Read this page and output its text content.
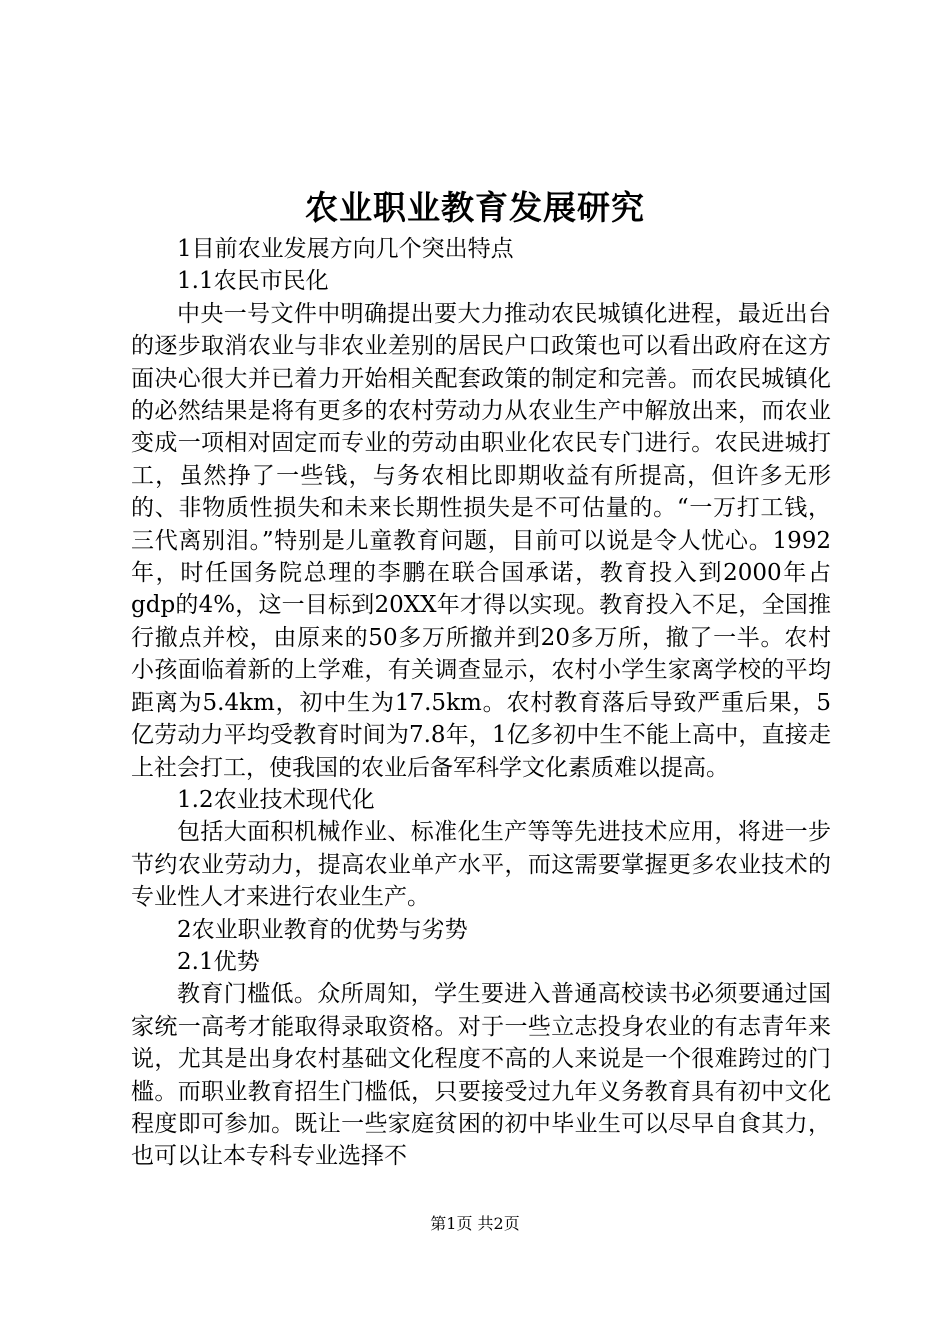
农业职业教育发展研究

1目前农业发展方向几个突出特点

1.1农民市民化

中央一号文件中明确提出要大力推动农民城镇化进程，最近出台的逐步取消农业与非农业差别的居民户口政策也可以看出政府在这方面决心很大并已着力开始相关配套政策的制定和完善。而农民城镇化的必然结果是将有更多的农村劳动力从农业生产中解放出来，而农业变成一项相对固定而专业的劳动由职业化农民专门进行。农民进城打工，虽然挣了一些钱，与务农相比即期收益有所提高，但许多无形的、非物质性损失和未来长期性损失是不可估量的。“一万打工钱，三代离别泪。”特别是儿童教育问题，目前可以说是令人忧心。1992年，时任国务院总理的李鹏在联合国承诺，教育投入到2000年占gdp的4%，这一目标到20XX年才得以实现。教育投入不足，全国推行撤点并校，由原来的50多万所撤并到20多万所，撤了一半。农村小孩面临着新的上学难，有关调查显示，农村小学生家离学校的平均距离为5.4km，初中生为17.5km。农村教育落后导致严重后果，5亿劳动力平均受教育时间为7.8年，1亿多初中生不能上高中，直接走上社会打工，使我国的农业后备军科学文化素质难以提高。

1.2农业技术现代化

包括大面积机械作业、标准化生产等等先进技术应用，将进一步节约农业劳动力，提高农业单产水平，而这需要掌握更多农业技术的专业性人才来进行农业生产。

2农业职业教育的优势与劣势

2.1优势

教育门槛低。众所周知，学生要进入普通高校读书必须要通过国家统一高考才能取得录取资格。对于一些立志投身农业的有志青年来说，尤其是出身农村基础文化程度不高的人来说是一个很难跨过的门槛。而职业教育招生门槛低，只要接受过九年义务教育具有初中文化程度即可参加。既让一些家庭贫困的初中毕业生可以尽早自食其力，也可以让本专科专业选择不

第1页 共2页
